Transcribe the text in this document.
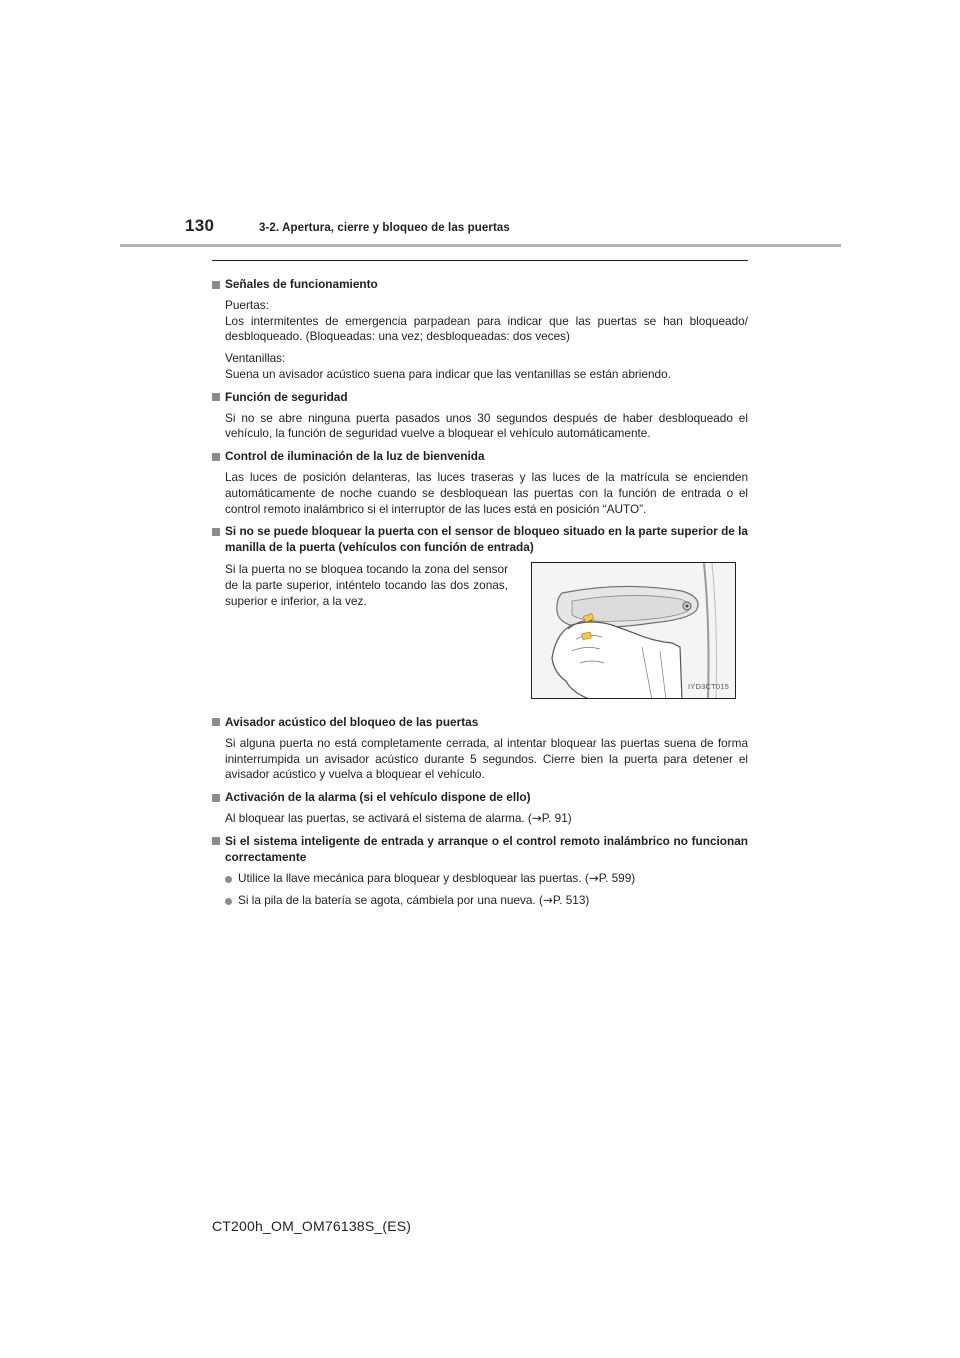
130	3-2. Apertura, cierre y bloqueo de las puertas
Señales de funcionamiento

Puertas:
Los intermitentes de emergencia parpadean para indicar que las puertas se han bloqueado/ desbloqueado. (Bloqueadas: una vez; desbloqueadas: dos veces)

Ventanillas:
Suena un avisador acústico suena para indicar que las ventanillas se están abriendo.

Función de seguridad

Si no se abre ninguna puerta pasados unos 30 segundos después de haber desbloqueado el vehículo, la función de seguridad vuelve a bloquear el vehículo automáticamente.

Control de iluminación de la luz de bienvenida

Las luces de posición delanteras, las luces traseras y las luces de la matrícula se encienden automáticamente de noche cuando se desbloquean las puertas con la función de entrada o el control remoto inalámbrico si el interruptor de las luces está en posición “AUTO”.

Si no se puede bloquear la puerta con el sensor de bloqueo situado en la parte superior de la manilla de la puerta (vehículos con función de entrada)
Si la puerta no se bloquea tocando la zona del sensor de la parte superior, inténtelo tocando las dos zonas, superior e inferior, a la vez.
IYD3CT015
Avisador acústico del bloqueo de las puertas

Si alguna puerta no está completamente cerrada, al intentar bloquear las puertas suena de forma ininterrumpida un avisador acústico durante 5 segundos. Cierre bien la puerta para detener el avisador acústico y vuelva a bloquear el vehículo.

Activación de la alarma (si el vehículo dispone de ello)

Al bloquear las puertas, se activará el sistema de alarma. (→P. 91)

Si el sistema inteligente de entrada y arranque o el control remoto inalámbrico no funcionan correctamente
Utilice la llave mecánica para bloquear y desbloquear las puertas. (→P. 599)
Si la pila de la batería se agota, cámbiela por una nueva. (→P. 513)
CT200h_OM_OM76138S_(ES)
